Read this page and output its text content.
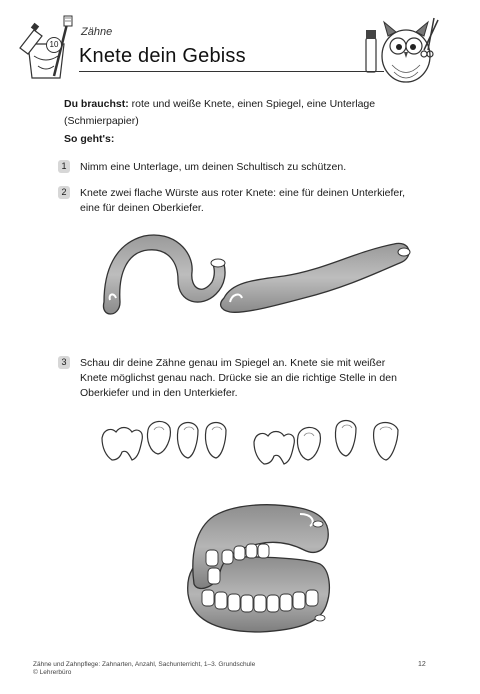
10
Zähne
Knete dein Gebiss
Du brauchst: rote und weiße Knete, einen Spiegel, eine Unterlage (Schmierpapier)
So geht's:
1	Nimm eine Unterlage, um deinen Schultisch zu schützen.
2	Knete zwei flache Würste aus roter Knete: eine für deinen Unterkiefer, eine für deinen Oberkiefer.
3	Schau dir deine Zähne genau im Spiegel an. Knete sie mit weißer Knete möglichst genau nach. Drücke sie an die richtige Stelle in den Oberkiefer und in den Unterkiefer.
Zähne und Zahnpflege: Zahnarten, Anzahl, Sachunterricht, 1–3. Grundschule
© Lehrerbüro
12
